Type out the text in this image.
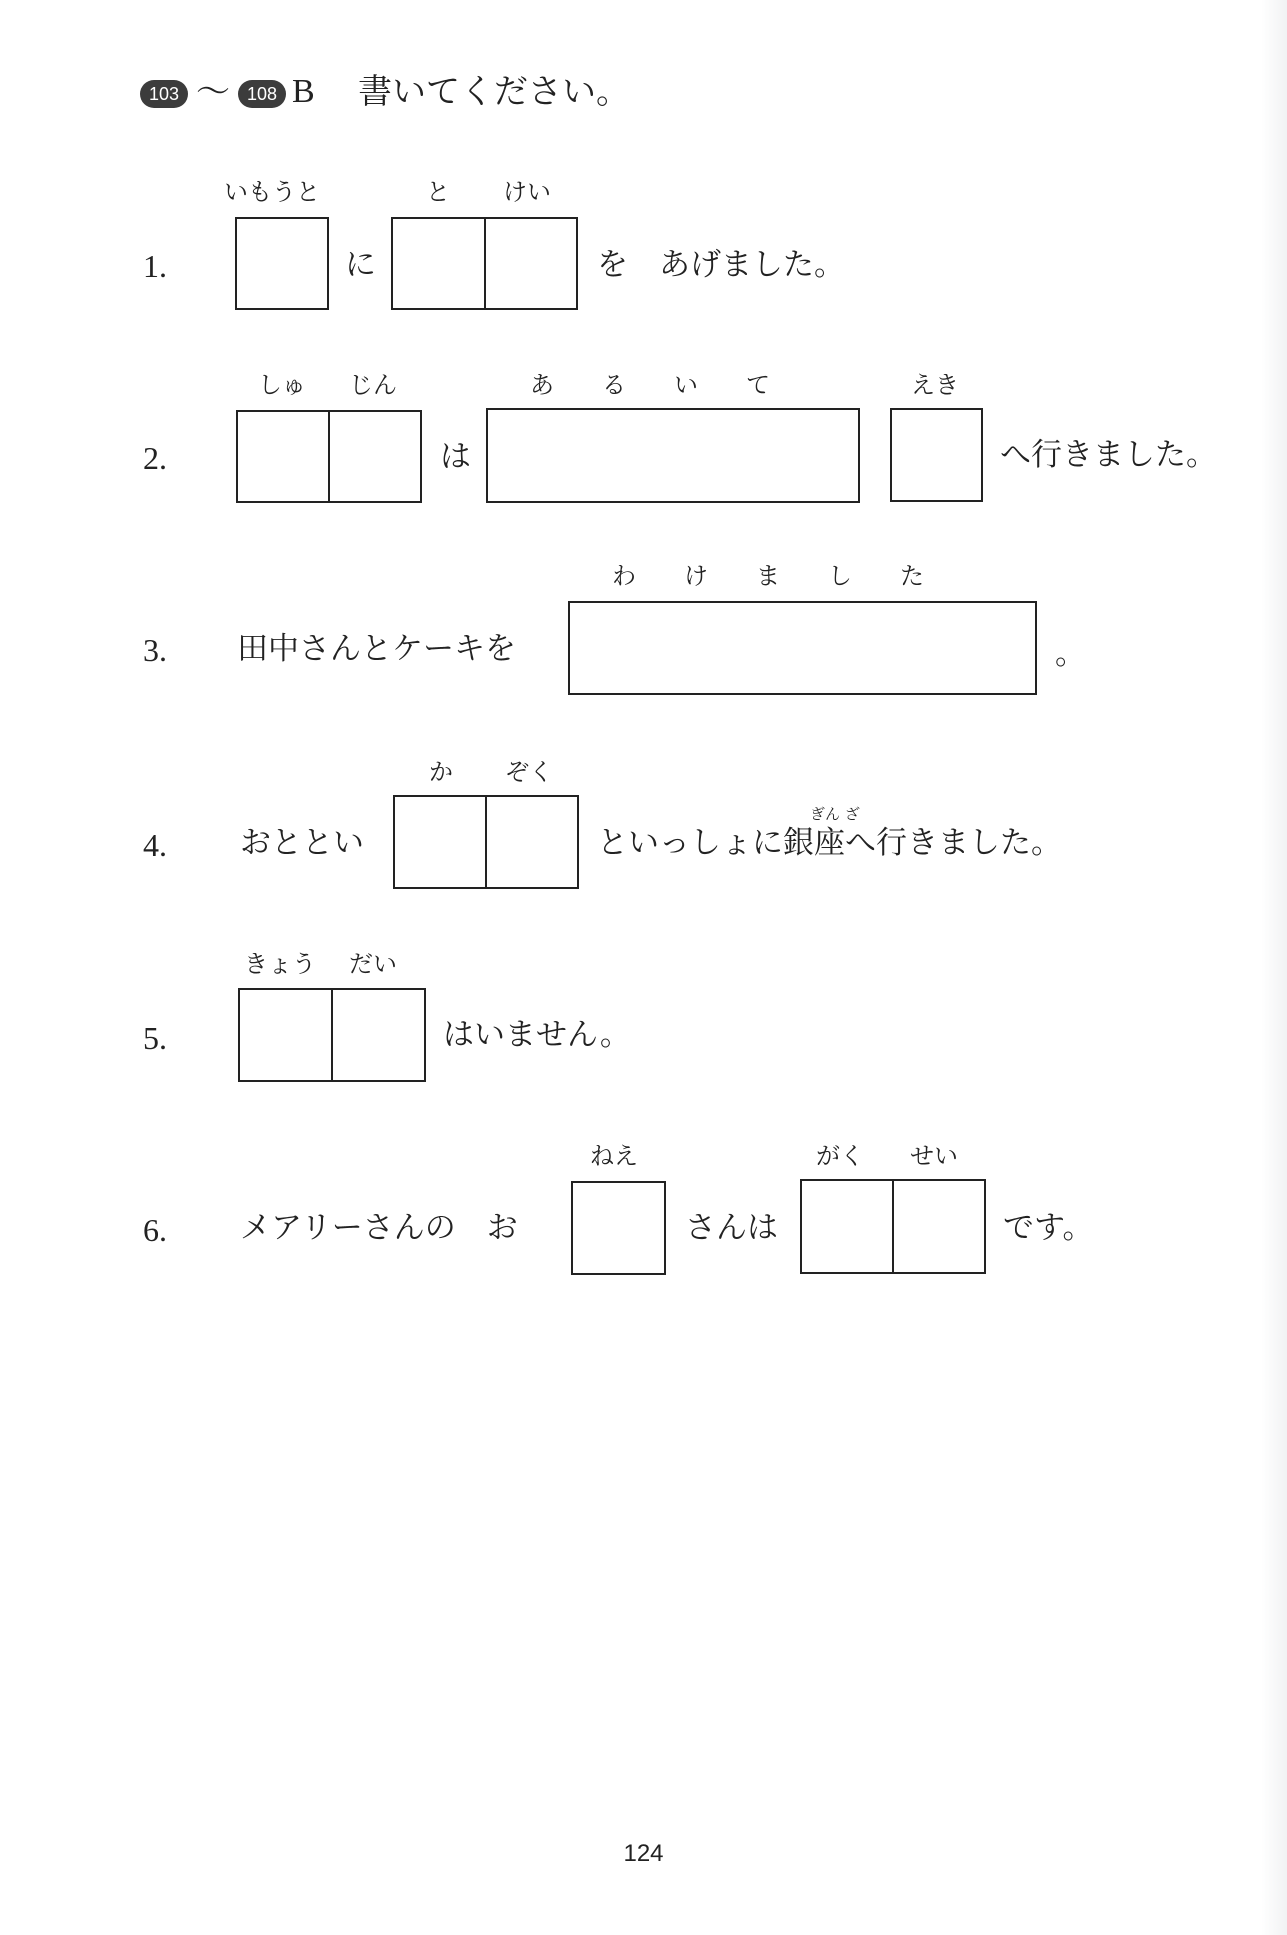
103 〜 108 B 書いてください。
1.
いもうと
に
と けい
を　あげました。
2.
しゅ じん
は
あ　　る　　い　　て	えき
へ行きました。
3. 田中さんとケーキを
わ　　け　　ま　　し　　た
。
4. おととい
か ぞく
といっしょに銀座へ行きました。
ぎん ざ
5.
きょう だい
はいません。
6. メアリーさんの　お
ねえ
さんは
がく せい
です。
124
